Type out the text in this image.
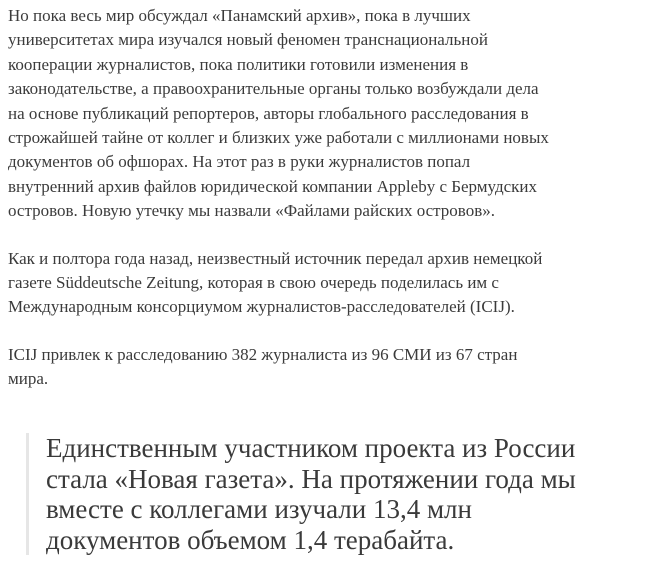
Но пока весь мир обсуждал «Панамский архив», пока в лучших
университетах мира изучался новый феномен транснациональной
кооперации журналистов, пока политики готовили изменения в
законодательстве, а правоохранительные органы только возбуждали дела
на основе публикаций репортеров, авторы глобального расследования в
строжайшей тайне от коллег и близких уже работали с миллионами новых
документов об офшорах. На этот раз в руки журналистов попал
внутренний архив файлов юридической компании Appleby с Бермудских
островов. Новую утечку мы назвали «Файлами райских островов».

Как и полтора года назад, неизвестный источник передал архив немецкой
газете Süddeutsche Zeitung, которая в свою очередь поделилась им с
Международным консорциумом журналистов-расследователей (ICIJ).

ICIJ привлек к расследованию 382 журналиста из 96 СМИ из 67 стран
мира.

Единственным участником проекта из России
стала «Новая газета». На протяжении года мы
вместе с коллегами изучали 13,4 млн
документов объемом 1,4 терабайта.
